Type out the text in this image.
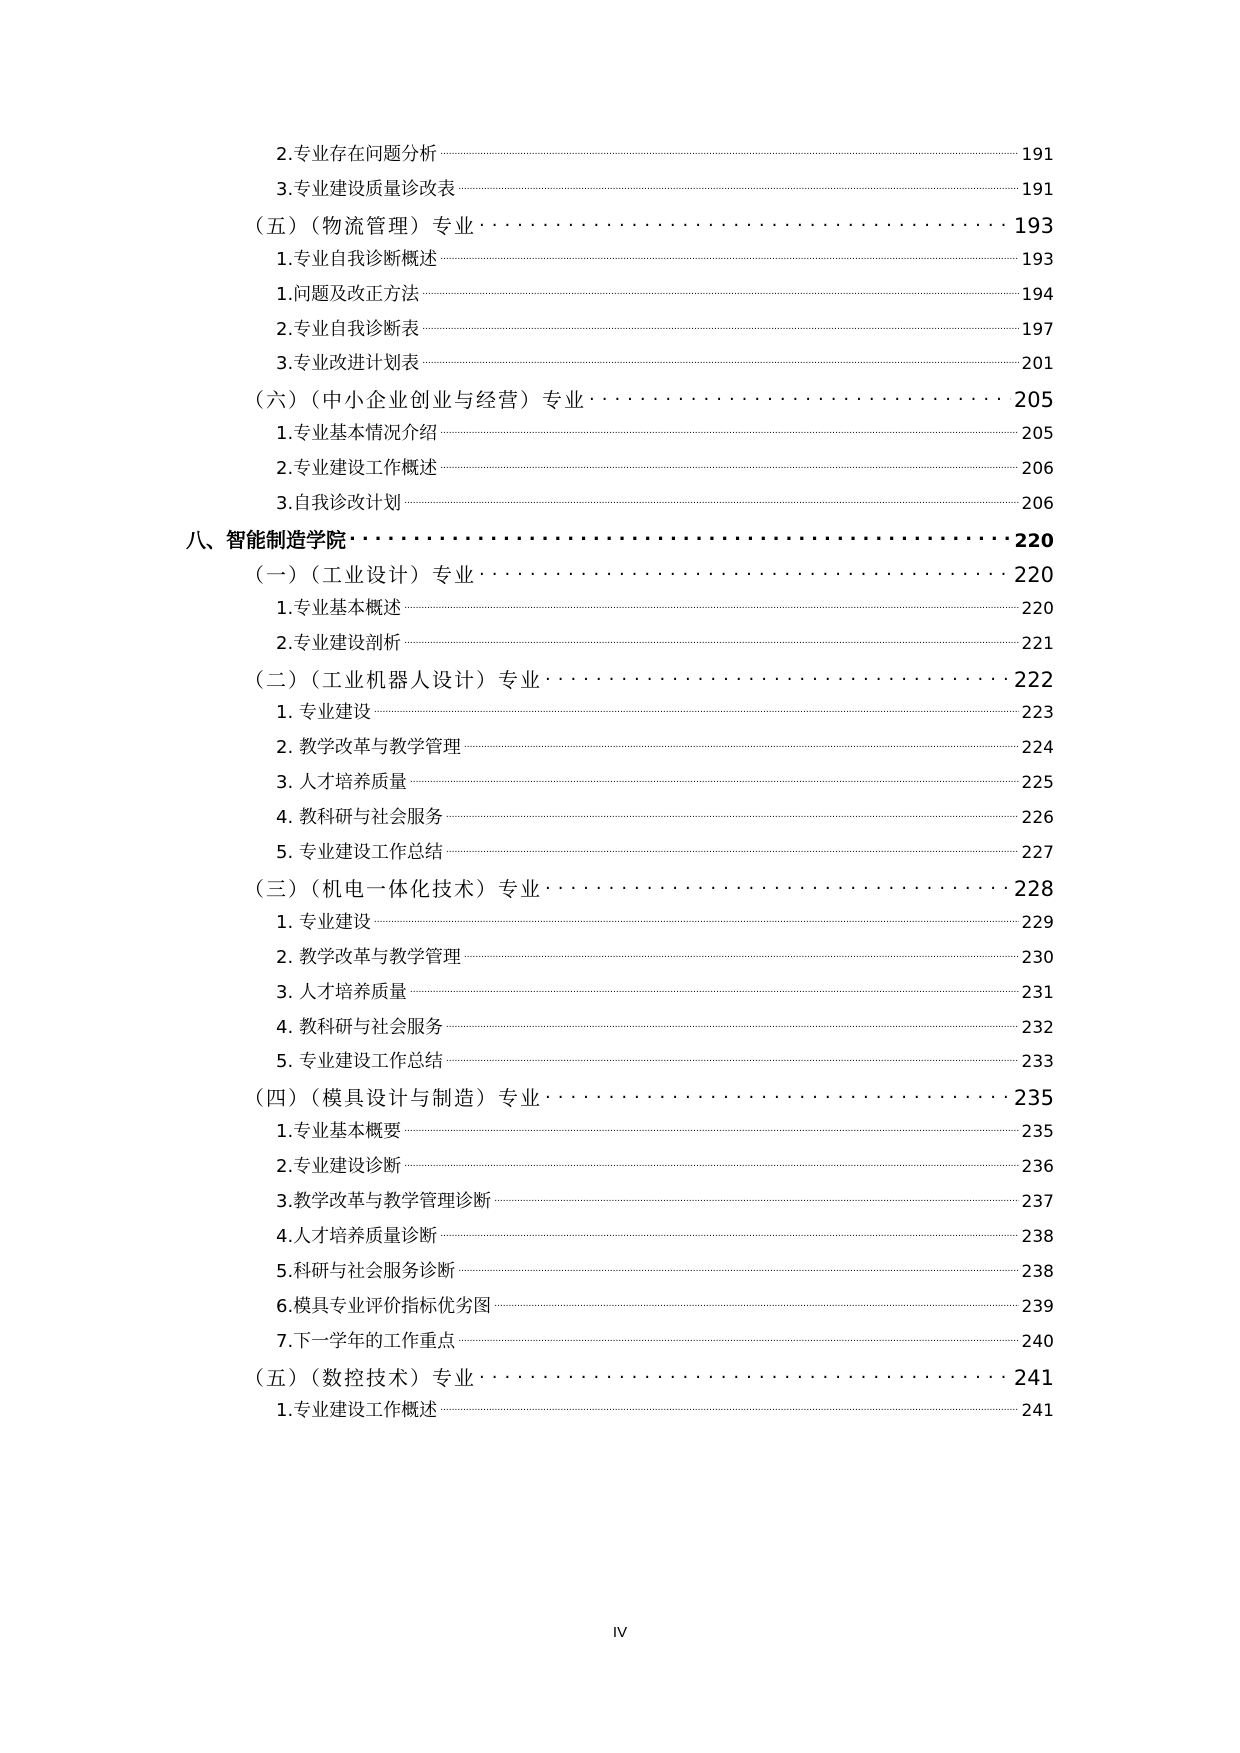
2.专业存在问题分析 .....	191
3.专业建设质量诊改表 .....	191
（五）（物流管理）专业 .....	193
1.专业自我诊断概述 .....	193
1.问题及改正方法 .....	194
2.专业自我诊断表 .....	197
3.专业改进计划表 .....	201
（六）（中小企业创业与经营）专业 .....	205
1.专业基本情况介绍 .....	205
2.专业建设工作概述 .....	206
3.自我诊改计划 .....	206
八、智能制造学院 .....	220
（一）（工业设计）专业 .....	220
1.专业基本概述 .....	220
2.专业建设剖析 .....	221
（二）（工业机器人设计）专业 .....	222
1. 专业建设 .....	223
2. 教学改革与教学管理 .....	224
3. 人才培养质量 .....	225
4. 教科研与社会服务 .....	226
5. 专业建设工作总结 .....	227
（三）（机电一体化技术）专业 .....	228
1. 专业建设 .....	229
2. 教学改革与教学管理 .....	230
3. 人才培养质量 .....	231
4. 教科研与社会服务 .....	232
5. 专业建设工作总结 .....	233
（四）（模具设计与制造）专业 .....	235
1.专业基本概要 .....	235
2.专业建设诊断 .....	236
3.教学改革与教学管理诊断 .....	237
4.人才培养质量诊断 .....	238
5.科研与社会服务诊断 .....	238
6.模具专业评价指标优劣图 .....	239
7.下一学年的工作重点 .....	240
（五）（数控技术）专业 .....	241
1.专业建设工作概述 .....	241
IV
